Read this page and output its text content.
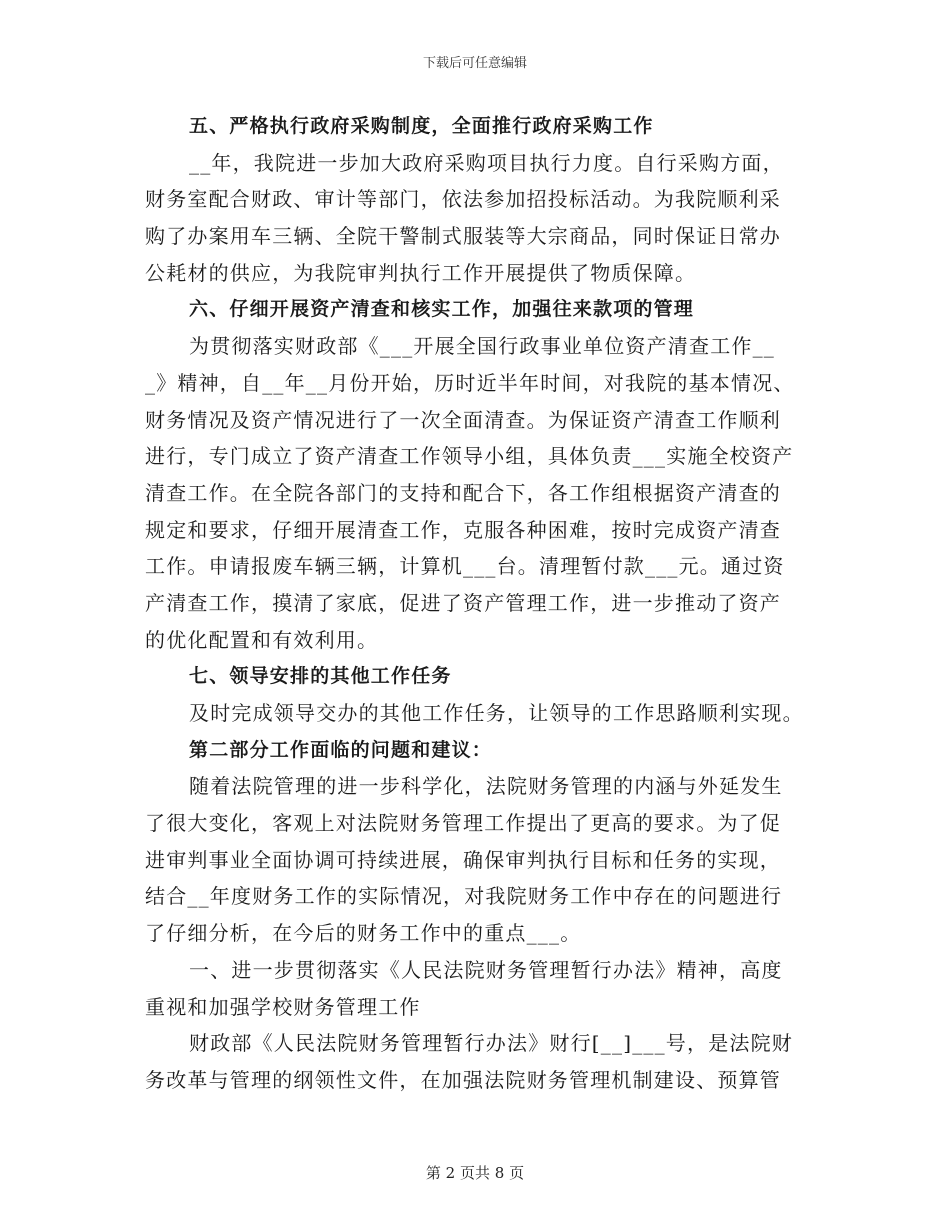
下载后可任意编辑
五、严格执行政府采购制度，全面推行政府采购工作
__年，我院进一步加大政府采购项目执行力度。自行采购方面，
财务室配合财政、审计等部门，依法参加招投标活动。为我院顺利采
购了办案用车三辆、全院干警制式服装等大宗商品，同时保证日常办
公耗材的供应，为我院审判执行工作开展提供了物质保障。
六、仔细开展资产清查和核实工作，加强往来款项的管理
为贯彻落实财政部《___开展全国行政事业单位资产清查工作__
_》精神，自__年__月份开始，历时近半年时间，对我院的基本情况、
财务情况及资产情况进行了一次全面清查。为保证资产清查工作顺利
进行，专门成立了资产清查工作领导小组，具体负责___实施全校资产
清查工作。在全院各部门的支持和配合下，各工作组根据资产清查的
规定和要求，仔细开展清查工作，克服各种困难，按时完成资产清查
工作。申请报废车辆三辆，计算机___台。清理暂付款___元。通过资
产清查工作，摸清了家底，促进了资产管理工作，进一步推动了资产
的优化配置和有效利用。
七、领导安排的其他工作任务
及时完成领导交办的其他工作任务，让领导的工作思路顺利实现。
第二部分工作面临的问题和建议：
随着法院管理的进一步科学化，法院财务管理的内涵与外延发生
了很大变化，客观上对法院财务管理工作提出了更高的要求。为了促
进审判事业全面协调可持续进展，确保审判执行目标和任务的实现，
结合__年度财务工作的实际情况，对我院财务工作中存在的问题进行
了仔细分析，在今后的财务工作中的重点___。
一、进一步贯彻落实《人民法院财务管理暂行办法》精神，高度
重视和加强学校财务管理工作
财政部《人民法院财务管理暂行办法》财行[__]___号，是法院财
务改革与管理的纲领性文件，在加强法院财务管理机制建设、预算管
第 2 页共 8 页
